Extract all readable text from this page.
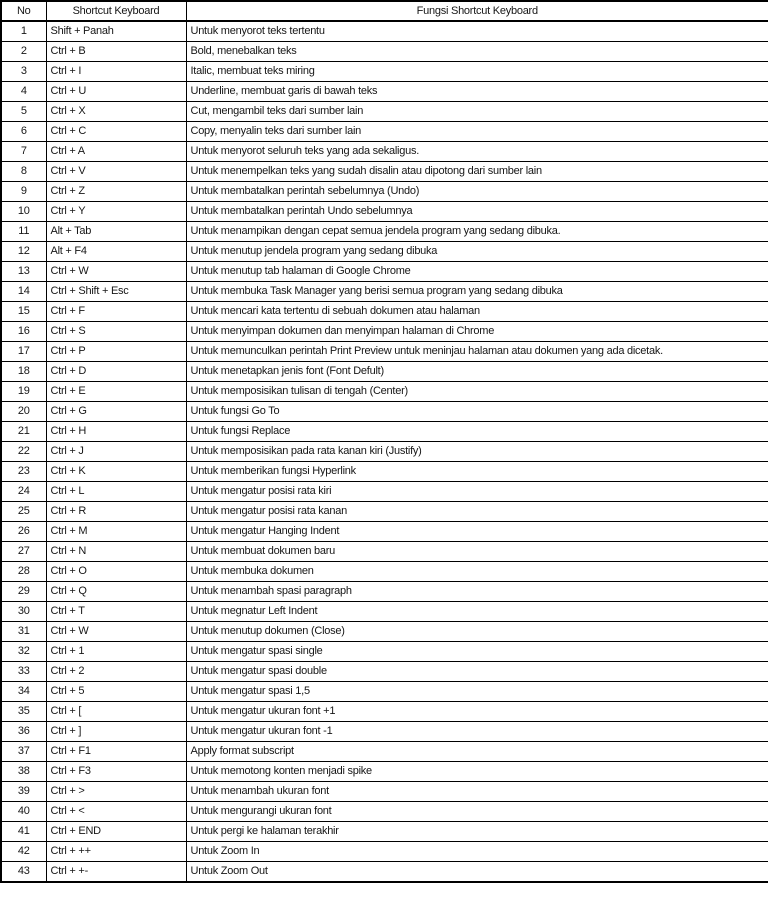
No	Shortcut Keyboard	Fungsi Shortcut Keyboard
1	Shift + Panah	Untuk menyorot teks tertentu
2	Ctrl + B	Bold, menebalkan teks
3	Ctrl + I	Italic, membuat teks miring
4	Ctrl + U	Underline, membuat garis di bawah teks
5	Ctrl + X	Cut, mengambil teks dari sumber lain
6	Ctrl + C	Copy, menyalin teks dari sumber lain
7	Ctrl + A	Untuk menyorot seluruh teks yang ada sekaligus.
8	Ctrl + V	Untuk menempelkan teks yang sudah disalin atau dipotong dari sumber lain
9	Ctrl + Z	Untuk membatalkan perintah sebelumnya (Undo)
10	Ctrl + Y	Untuk membatalkan perintah Undo sebelumnya
11	Alt + Tab	Untuk menampikan dengan cepat semua jendela program yang sedang dibuka.
12	Alt + F4	Untuk menutup jendela program yang sedang dibuka
13	Ctrl + W	Untuk menutup tab halaman di Google Chrome
14	Ctrl + Shift + Esc	Untuk membuka Task Manager yang berisi semua program yang sedang dibuka
15	Ctrl + F	Untuk mencari kata tertentu di sebuah dokumen atau halaman
16	Ctrl + S	Untuk menyimpan dokumen dan menyimpan halaman di Chrome
17	Ctrl + P	Untuk memunculkan perintah Print Preview untuk meninjau halaman atau dokumen yang ada dicetak.
18	Ctrl + D	Untuk menetapkan jenis font (Font Defult)
19	Ctrl + E	Untuk memposisikan tulisan di tengah (Center)
20	Ctrl + G	Untuk fungsi Go To
21	Ctrl + H	Untuk fungsi Replace
22	Ctrl + J	Untuk memposisikan pada rata kanan kiri (Justify)
23	Ctrl + K	Untuk memberikan fungsi Hyperlink
24	Ctrl + L	Untuk mengatur posisi rata kiri
25	Ctrl + R	Untuk mengatur posisi rata kanan
26	Ctrl + M	Untuk mengatur Hanging Indent
27	Ctrl + N	Untuk membuat dokumen baru
28	Ctrl + O	Untuk membuka dokumen
29	Ctrl + Q	Untuk menambah spasi paragraph
30	Ctrl + T	Untuk megnatur Left Indent
31	Ctrl + W	Untuk menutup dokumen (Close)
32	Ctrl + 1	Untuk mengatur spasi single
33	Ctrl + 2	Untuk mengatur spasi double
34	Ctrl + 5	Untuk mengatur spasi 1,5
35	Ctrl + [	Untuk mengatur ukuran font +1
36	Ctrl + ]	Untuk mengatur ukuran font -1
37	Ctrl + F1	Apply format subscript
38	Ctrl + F3	Untuk memotong konten menjadi spike
39	Ctrl + >	Untuk menambah ukuran font
40	Ctrl + <	Untuk mengurangi ukuran font
41	Ctrl + END	Untuk pergi ke halaman terakhir
42	Ctrl + ++	Untuk Zoom In
43	Ctrl + +-	Untuk Zoom Out
